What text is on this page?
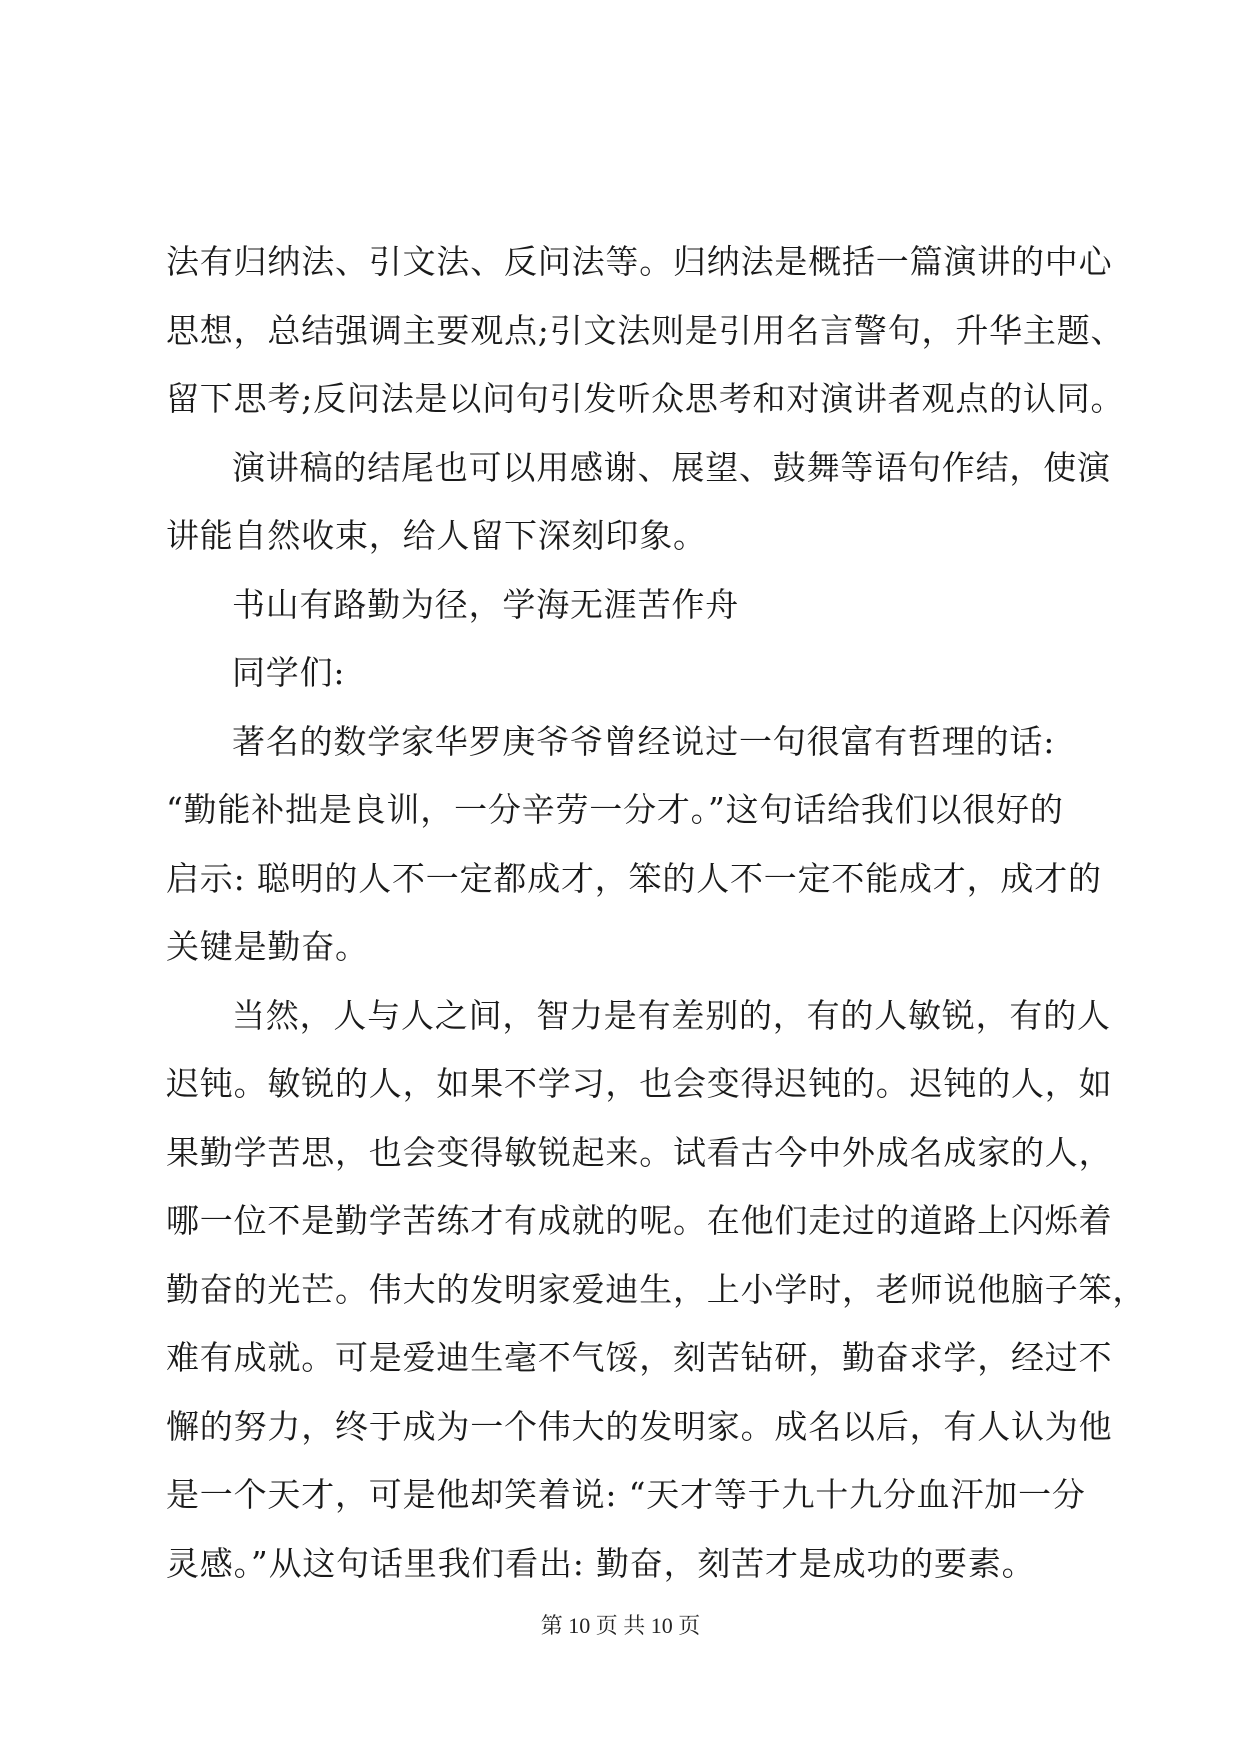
法有归纳法、引文法、反问法等。归纳法是概括一篇演讲的中心
思想，总结强调主要观点;引文法则是引用名言警句，升华主题、
留下思考;反问法是以问句引发听众思考和对演讲者观点的认同。
演讲稿的结尾也可以用感谢、展望、鼓舞等语句作结，使演
讲能自然收束，给人留下深刻印象。
书山有路勤为径，学海无涯苦作舟
同学们:
著名的数学家华罗庚爷爷曾经说过一句很富有哲理的话:
“勤能补拙是良训，一分辛劳一分才。”这句话给我们以很好的
启示: 聪明的人不一定都成才，笨的人不一定不能成才，成才的
关键是勤奋。
当然，人与人之间，智力是有差别的，有的人敏锐，有的人
迟钝。敏锐的人，如果不学习，也会变得迟钝的。迟钝的人，如
果勤学苦思，也会变得敏锐起来。试看古今中外成名成家的人，
哪一位不是勤学苦练才有成就的呢。在他们走过的道路上闪烁着
勤奋的光芒。伟大的发明家爱迪生，上小学时，老师说他脑子笨，
难有成就。可是爱迪生毫不气馁，刻苦钻研，勤奋求学，经过不
懈的努力，终于成为一个伟大的发明家。成名以后，有人认为他
是一个天才，可是他却笑着说: “天才等于九十九分血汗加一分
灵感。”从这句话里我们看出: 勤奋，刻苦才是成功的要素。
第 10 页 共 10 页
